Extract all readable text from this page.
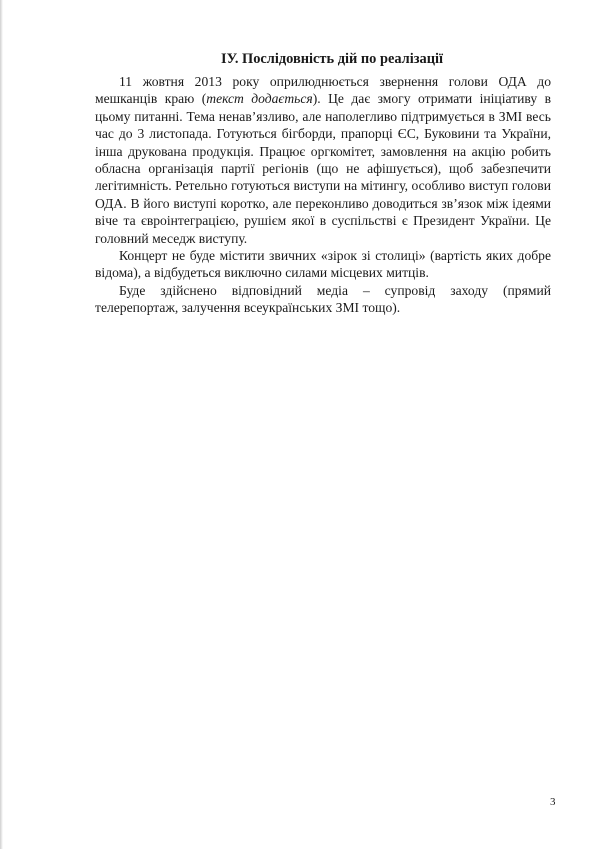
IУ. Послідовність дій по реалізації

11 жовтня 2013 року оприлюднюється звернення голови ОДА до мешканців краю (текст додається). Це дає змогу отримати ініціативу в цьому питанні. Тема ненав’язливо, але наполегливо підтримується в ЗМІ весь час до 3 листопада. Готуються бігборди, прапорці ЄС, Буковини та України, інша друкована продукція. Працює оргкомітет, замовлення на акцію робить обласна організація партії регіонів (що не афішується), щоб забезпечити легітимність. Ретельно готуються виступи на мітингу, особливо виступ голови ОДА. В його виступі коротко, але переконливо доводиться зв’язок між ідеями віче та євроінтеграцією, рушієм якої в суспільстві є Президент України. Це головний меседж виступу.

Концерт не буде містити звичних «зірок зі столиці» (вартість яких добре відома), а відбудеться виключно силами місцевих митців.

Буде здійснено відповідний медіа – супровід заходу (прямий телерепортаж, залучення всеукраїнських ЗМІ тощо).

3
